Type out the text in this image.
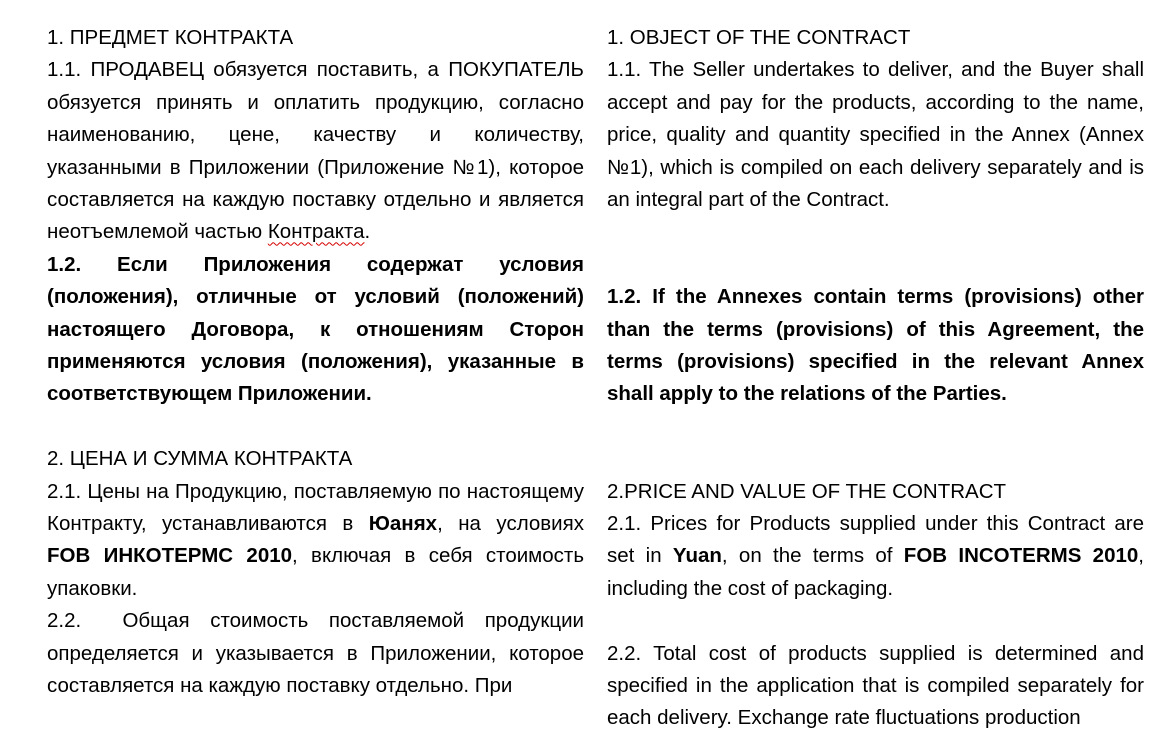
1. ПРЕДМЕТ КОНТРАКТА

1.1. ПРОДАВЕЦ обязуется поставить, а ПОКУПАТЕЛЬ обязуется принять и оплатить продукцию, согласно наименованию, цене, качеству и количеству, указанными в Приложении (Приложение №1), которое составляется на каждую поставку отдельно и является неотъемлемой частью Контракта.

1.2. Если Приложения содержат условия (положения), отличные от условий (положений) настоящего Договора, к отношениям Сторон применяются условия (положения), указанные в соответствующем Приложении.

2. ЦЕНА И СУММА КОНТРАКТА

2.1. Цены на Продукцию, поставляемую по настоящему Контракту, устанавливаются в Юанях, на условиях FOB ИНКОТЕРМС 2010, включая в себя стоимость упаковки.

2.2.  Общая стоимость поставляемой продукции определяется и указывается в Приложении, которое составляется на каждую поставку отдельно. При

1. OBJECT OF THE CONTRACT

1.1. The Seller undertakes to deliver, and the Buyer shall accept and pay for the products, according to the name, price, quality and quantity specified in the Annex (Annex №1), which is compiled on each delivery separately and is an integral part of the Contract.

1.2. If the Annexes contain terms (provisions) other than the terms (provisions) of this Agreement, the terms (provisions) specified in the relevant Annex shall apply to the relations of the Parties.

2.PRICE AND VALUE OF THE CONTRACT

2.1. Prices for Products supplied under this Contract are set in Yuan, on the terms of FOB INCOTERMS 2010, including the cost of packaging.

2.2. Total cost of products supplied is determined and specified in the application that is compiled separately for each delivery. Exchange rate fluctuations production
